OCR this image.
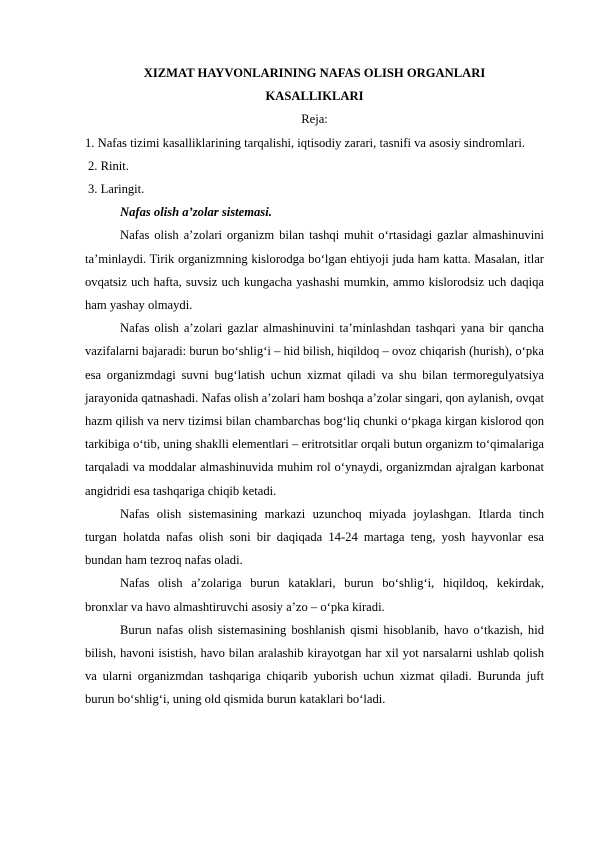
XIZMAT HAYVONLARINING NAFAS OLISH ORGANLARI
KASALLIKLARI
Reja:
1. Nafas tizimi kasalliklarining tarqalishi, iqtisodiy zarari, tasnifi va asosiy sindromlari.
2. Rinit.
3. Laringit.
Nafas olish a’zolar sistemasi.

Nafas olish a’zolari organizm bilan tashqi muhit o‘rtasidagi gazlar almashinuvini ta’minlaydi. Tirik organizmning kislorodga bo‘lgan ehtiyoji juda ham katta. Masalan, itlar ovqatsiz uch hafta, suvsiz uch kungacha yashashi mumkin, ammo kislorodsiz uch daqiqa ham yashay olmaydi.

Nafas olish a’zolari gazlar almashinuvini ta’minlashdan tashqari yana bir qancha vazifalarni bajaradi: burun bo‘shlig‘i – hid bilish, hiqildoq – ovoz chiqarish (hurish), o‘pka esa organizmdagi suvni bug‘latish uchun xizmat qiladi va shu bilan termoregulyatsiya jarayonida qatnashadi. Nafas olish a’zolari ham boshqa a’zolar singari, qon aylanish, ovqat hazm qilish va nerv tizimsi bilan chambarchas bog‘liq chunki o‘pkaga kirgan kislorod qon tarkibiga o‘tib, uning shaklli elementlari – eritrotsitlar orqali butun organizm to‘qimalariga tarqaladi va moddalar almashinuvida muhim rol o‘ynaydi, organizmdan ajralgan karbonat angidridi esa tashqariga chiqib ketadi.

Nafas olish sistemasining markazi uzunchoq miyada joylashgan. Itlarda tinch turgan holatda nafas olish soni bir daqiqada 14-24 martaga teng, yosh hayvonlar esa bundan ham tezroq nafas oladi.

Nafas olish a’zolariga burun kataklari, burun bo‘shlig‘i, hiqildoq, kekirdak, bronxlar va havo almashtiruvchi asosiy a’zo – o‘pka kiradi.

Burun nafas olish sistemasining boshlanish qismi hisoblanib, havo o‘tkazish, hid bilish, havoni isistish, havo bilan aralashib kirayotgan har xil yot narsalarni ushlab qolish va ularni organizmdan tashqariga chiqarib yuborish uchun xizmat qiladi. Burunda juft burun bo‘shlig‘i, uning old qismida burun kataklari bo‘ladi.
